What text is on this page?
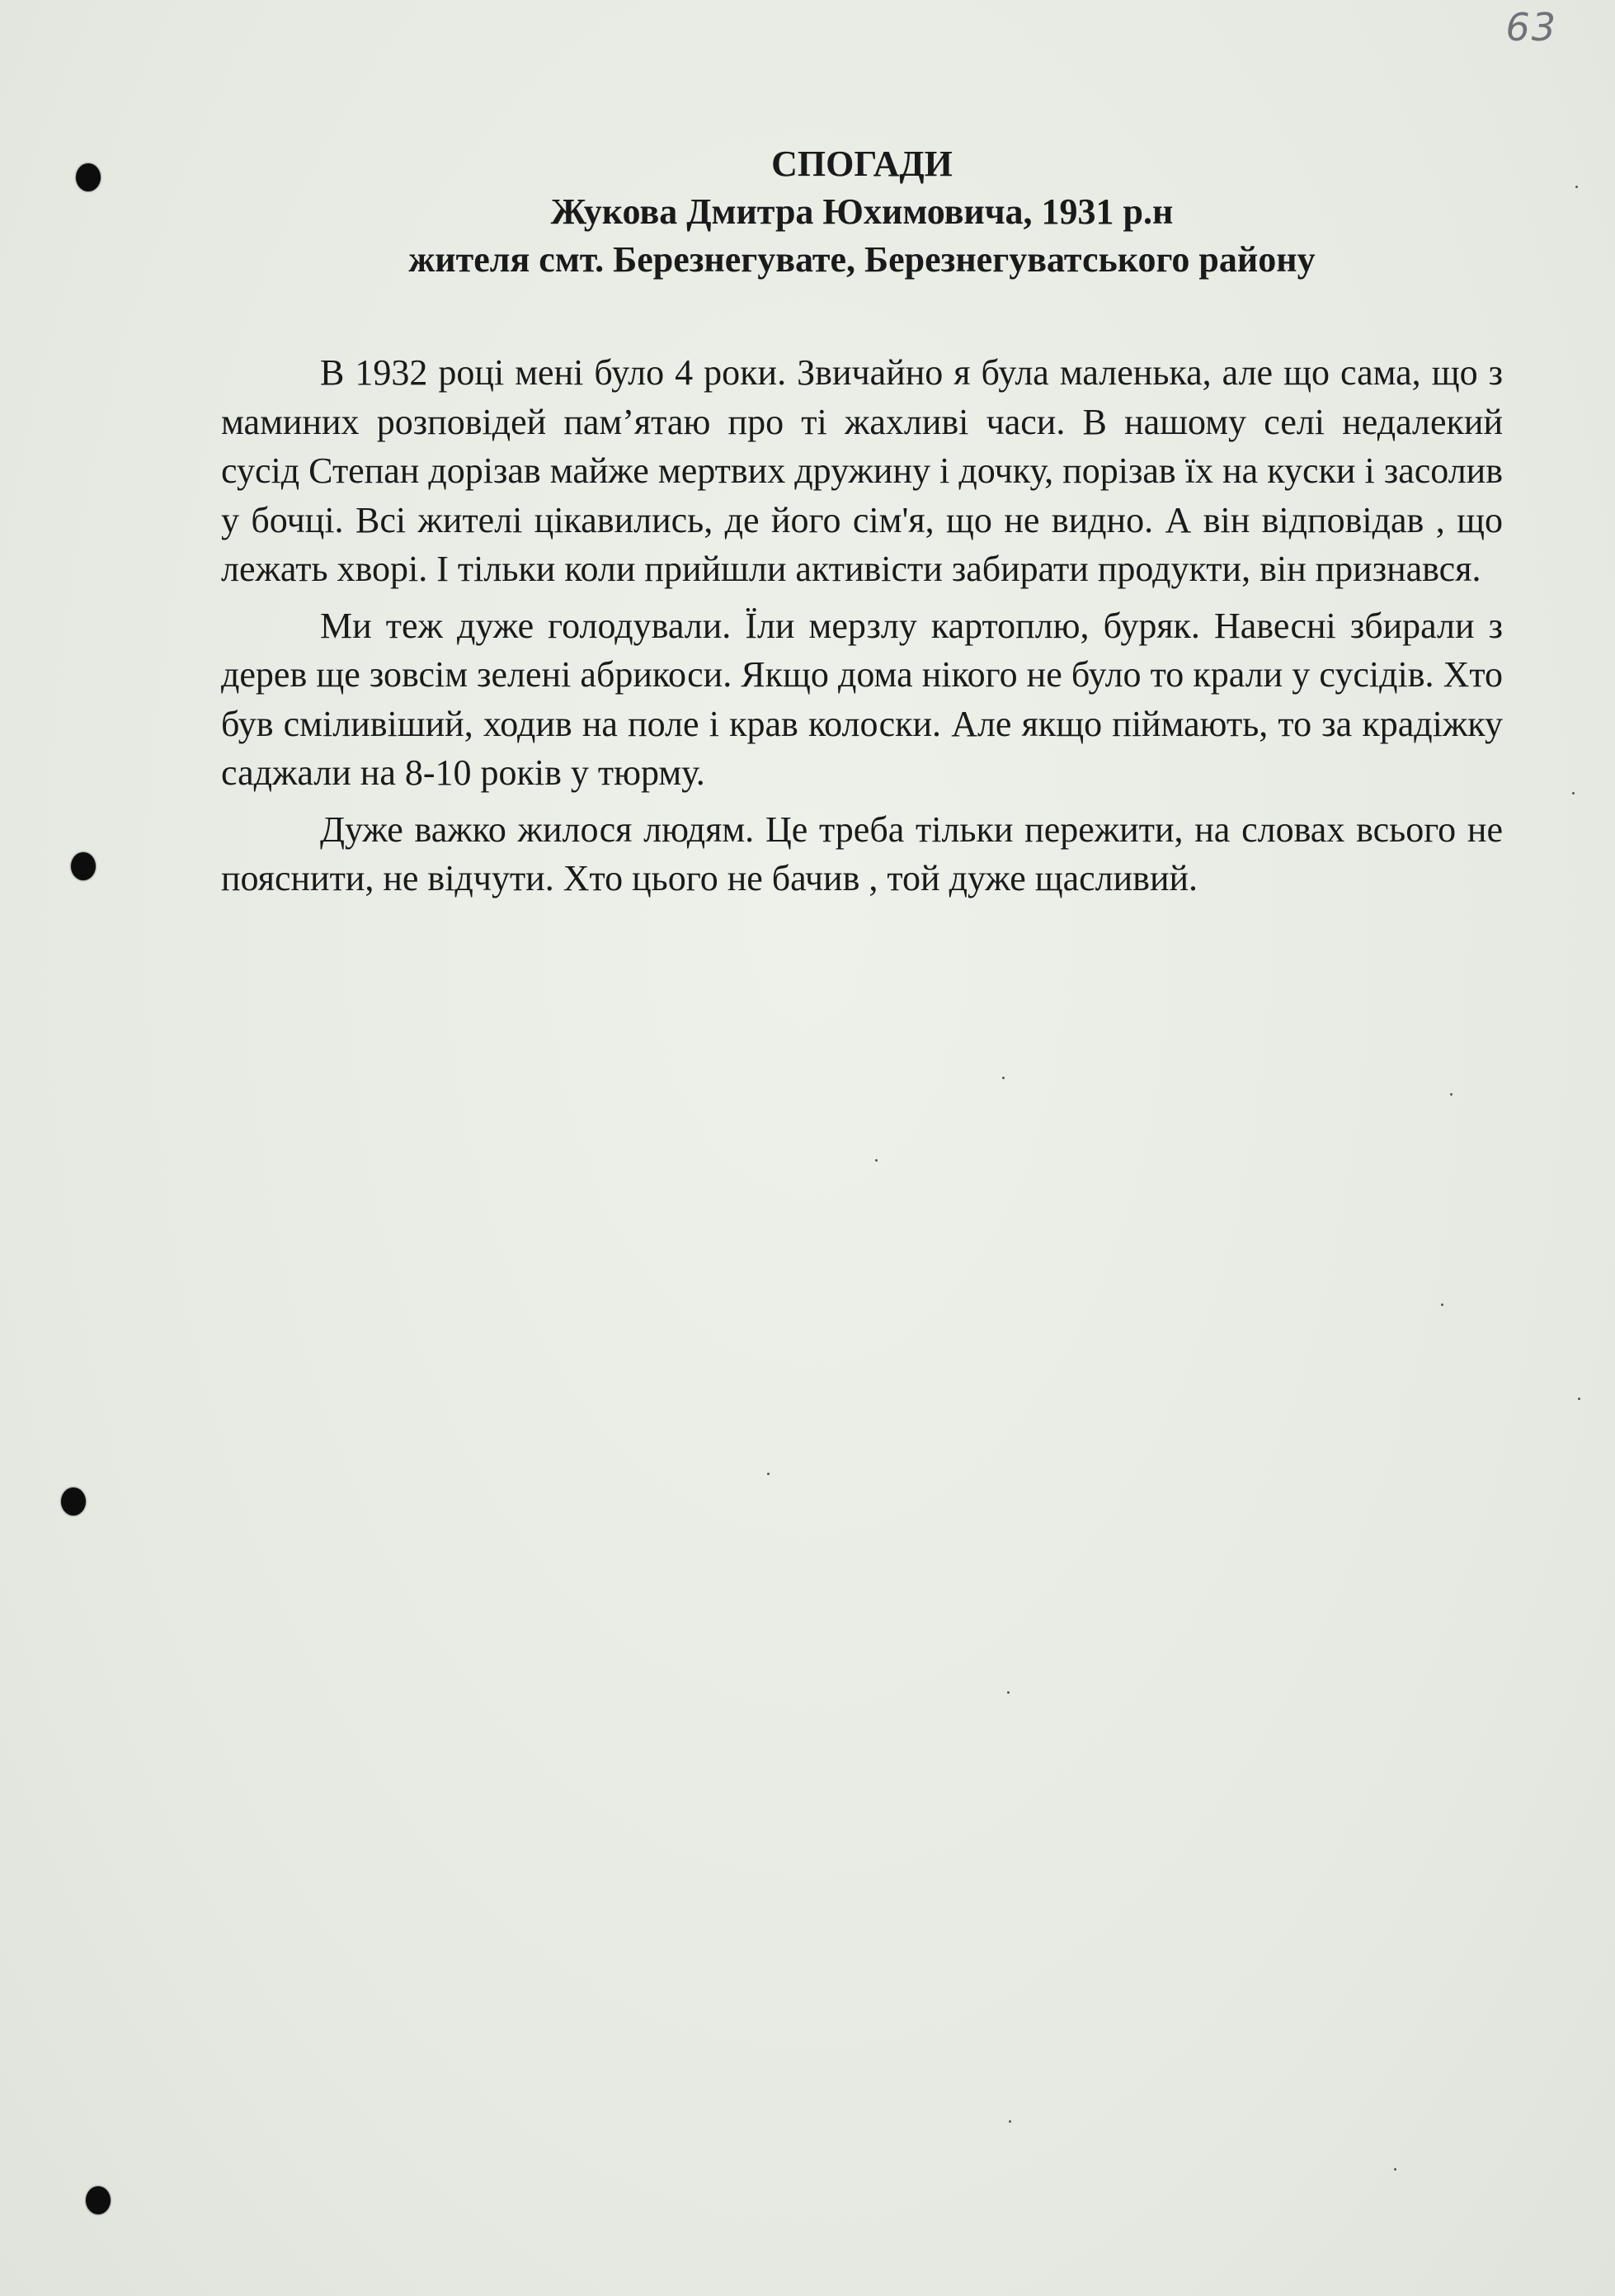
63
СПОГАДИ
Жукова Дмитра Юхимовича, 1931 р.н
жителя смт. Березнегувате, Березнегуватського району

В 1932 році мені було 4 роки. Звичайно я була маленька, але що сама, що з маминих розповідей пам’ятаю про ті жахливі часи. В нашому селі недалекий сусід Степан дорізав майже мертвих дружину і дочку, порізав їх на куски і засолив у бочці. Всі жителі цікавились, де його сім'я, що не видно. А він відповідав , що лежать хворі. І тільки коли прийшли активісти забирати продукти, він признався.

Ми теж дуже голодували. Їли мерзлу картоплю, буряк. Навесні збирали з дерев ще зовсім зелені абрикоси. Якщо дома нікого не було то крали у сусідів. Хто був сміливіший, ходив на поле і крав колоски. Але якщо піймають, то за крадіжку саджали на 8-10 років у тюрму.

Дуже важко жилося людям. Це треба тільки пережити, на словах всього не пояснити, не відчути. Хто цього не бачив , той дуже щасливий.
